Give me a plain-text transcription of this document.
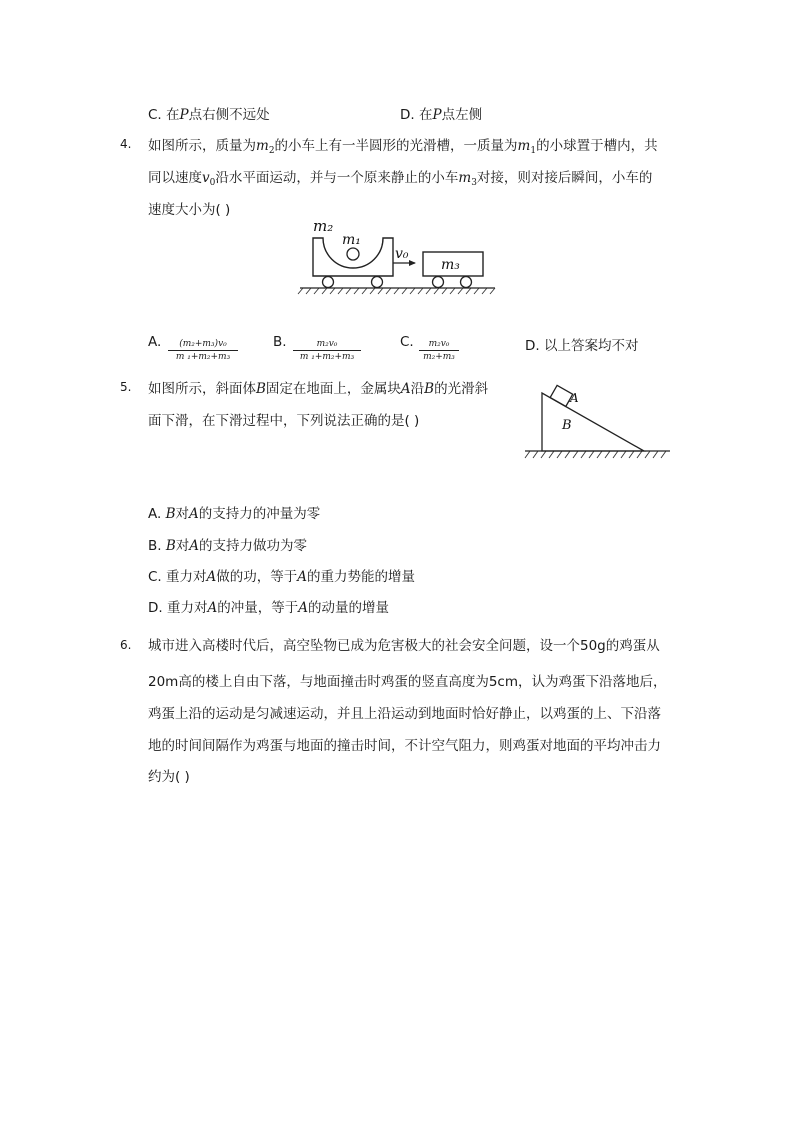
C. 在P点右侧不远处	D. 在P点左侧
4. 如图所示，质量为$m_2$的小车上有一半圆形的光滑槽，一质量为$m_1$的小球置于槽内，共
同以速度$v_0$沿水平面运动，并与一个原来静止的小车$m_3$对接，则对接后瞬间，小车的
速度大小为( )
m₂
m₁
v₀
m₃
A. $\frac{\text{(m₂+m₃)v₀}}{\text{m ₁+m₂+m₃}}$	B. $\frac{\text{m₂v₀}}{\text{m ₁+m₂+m₃}}$	C. $\frac{\text{m₂v₀}}{\text{m₂+m₃}}$	D. 以上答案均不对
5. 如图所示，斜面体B固定在地面上，金属块A沿B的光滑斜
面下滑，在下滑过程中，下列说法正确的是( )
A
B
A. B对A的支持力的冲量为零
B. B对A的支持力做功为零
C. 重力对A做的功，等于A的重力势能的增量
D. 重力对A的冲量，等于A的动量的增量
6. 城市进入高楼时代后，高空坠物已成为危害极大的社会安全问题，设一个50g的鸡蛋从
20m高的楼上自由下落，与地面撞击时鸡蛋的竖直高度为5cm，认为鸡蛋下沿落地后，
鸡蛋上沿的运动是匀减速运动，并且上沿运动到地面时恰好静止，以鸡蛋的上、下沿落
地的时间间隔作为鸡蛋与地面的撞击时间，不计空气阻力，则鸡蛋对地面的平均冲击力
约为( )
